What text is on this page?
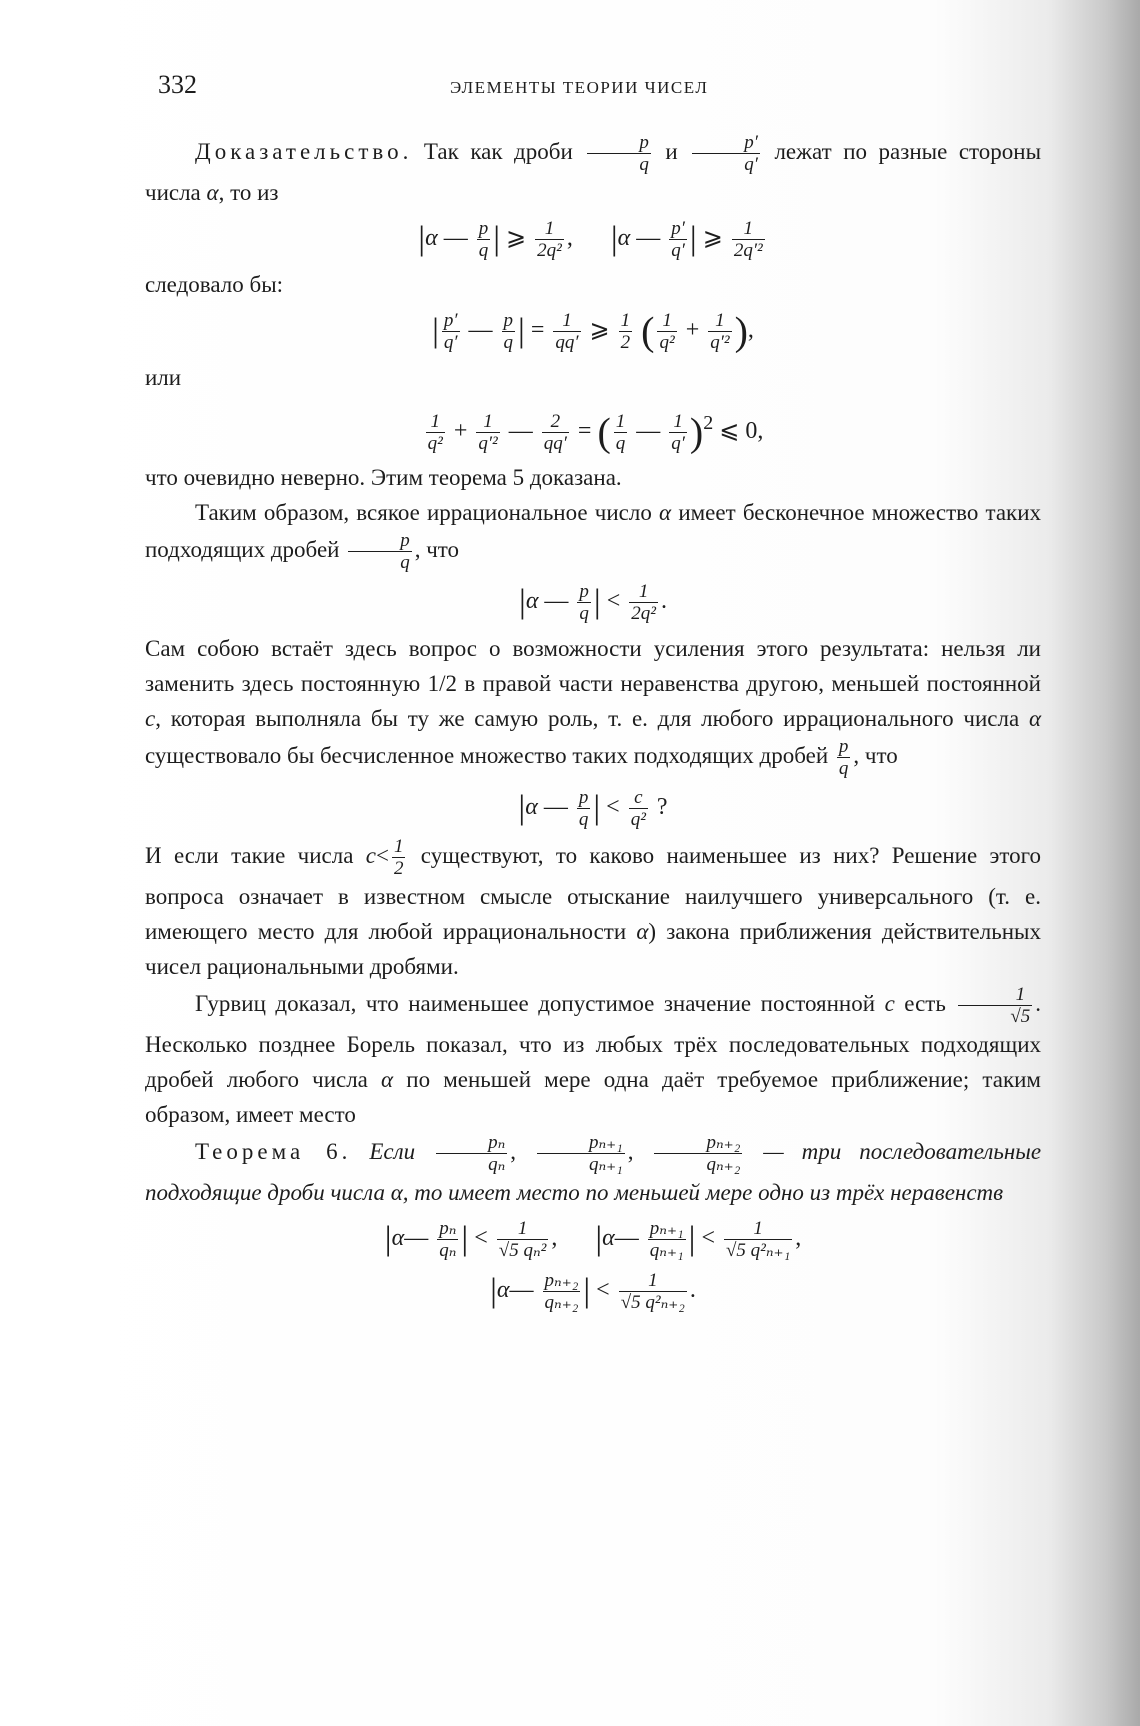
332	ЭЛЕМЕНТЫ ТЕОРИИ ЧИСЕЛ

Доказательство. Так как дроби $\frac{p}{q}$ и $\frac{p'}{q'}$ лежат по разные стороны числа α, то из

|α — $\frac{p}{q}$ | ⩾ $\frac{1}{\text{2q²}}$ , |α — $\frac{p'}{q'}$ | ⩾ $\frac{1}{\text{2q′²}}$

следовало бы:

| $\frac{p'}{q'}$ — $\frac{p}{q}$ | = $\frac{1}{qq'}$ ⩾ $\frac{1}{2}$ ( $\frac{1}{\text{q²}} + \frac{1}{\text{q′²}}$ ),

или

$\frac{1}{\text{q²}} + \frac{1}{\text{q′²}}$ — $\frac{2}{qq'}$ = ( $\frac{1}{q}$ — $\frac{1}{q'} )^2$ ⩽ 0,

что очевидно неверно. Этим теорема 5 доказана.

Таким образом, всякое иррациональное число α имеет бесконечное множество таких подходящих дробей $\frac{p}{q}$ , что

|α — $\frac{p}{q}$ | < $\frac{1}{\text{2q²}}$ .

Сам собою встаёт здесь вопрос о возможности усиления этого результата: нельзя ли заменить здесь постоянную 1/2 в правой части неравенства другою, меньшей постоянной c, которая выполняла бы ту же самую роль, т. е. для любого иррационального числа α существовало бы бесчисленное множество таких подходящих дробей $\frac{p}{q}$ , что

|α — $\frac{p}{q}$ | < $\frac{c}{\text{q²}}$ ?

И если такие числа $c< \frac{1}{2}$ существуют, то каково наименьшее из них? Решение этого вопроса означает в известном смысле отыскание наилучшего универсального (т. е. имеющего место для любой иррациональности α) закона приближения действительных чисел рациональными дробями.

Гурвиц доказал, что наименьшее допустимое значение постоянной c есть $\frac{1}{√5}$ . Несколько позднее Борель показал, что из любых трёх последовательных подходящих дробей любого числа α по меньшей мере одна даёт требуемое приближение; таким образом, имеет место

Теорема 6. Если $\frac{\text{pₙ}}{\text{qₙ}}$ , $\frac{\text{pₙ₊₁}}{\text{qₙ₊₁}}$ , $\frac{\text{pₙ₊₂}}{\text{qₙ₊₂}}$ — три последовательные подходящие дроби числа α, то имеет место по меньшей мере одно из трёх неравенств

|α— $\frac{\text{pₙ}}{\text{qₙ}}$ | < $\frac{1}{\text{√5 qₙ²}}$ , |α— $\frac{\text{pₙ₊₁}}{\text{qₙ₊₁}}$ | < $\frac{1}{\text{√5 q²ₙ₊₁}}$ ,
|α— $\frac{\text{pₙ₊₂}}{\text{qₙ₊₂}}$ | < $\frac{1}{\text{√5 q²ₙ₊₂}}$ .
